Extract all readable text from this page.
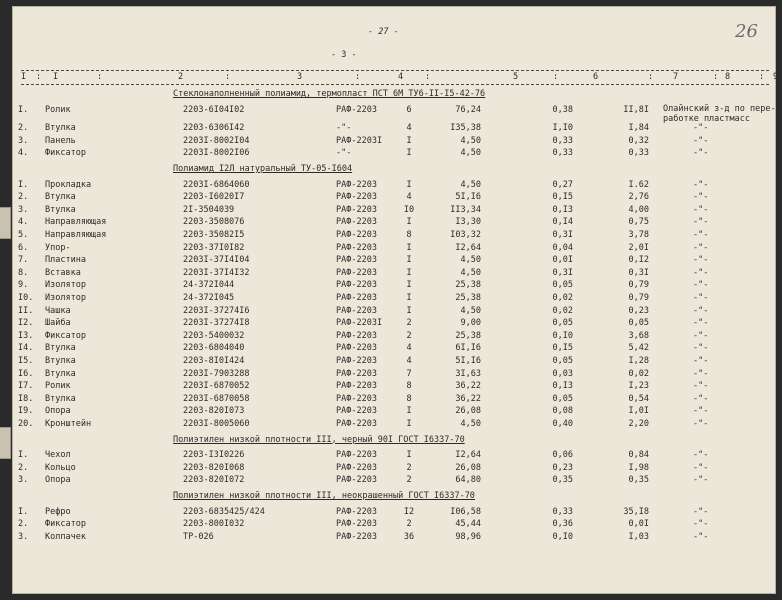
- 27 -	26
- 3 -
I : I	:	2	:	3	:	4	:	5	:	6	: 7	: 8	: 9
Стеклонаполненный полиамид, термопласт ПСТ 6М ТУ6-II-I5-42-76
I. Ролик	2203-6I04I02	РАФ-2203	6	76,24	0,38	II,8I Олайнский з-д по пере-
работке пластмасс
2. Втулка	2203-6306I42	-"-	4	I35,38	I,I0	I,84	-"-
3. Панель	2203I-8002I04	РАФ-2203I	I	4,50	0,33	0,32	-"-
4. Фиксатор	2203I-8002I06	-"-	I	4,50	0,33	0,33	-"-
Полиамид I2Л натуральный ТУ-05-I604
I. Прокладка	2203I-6864060	РАФ-2203	I	4,50	0,27	I.62	-"-
2. Втулка	2203-I6020I7	РАФ-2203	4	5I,I6	0,I5	2,76	-"-
3. Втулка	2I-3504039	РАФ-2203	I0	II3,34	0,I3	4,00	-"-
4. Направляющая	2203-3508076	РАФ-2203	I	I3,30	0,I4	0,75	-"-
5. Направляющая	2203-35082I5	РАФ-2203	8	I03,32	0,3I	3,78	-"-
6. Упор-	2203-37I0I82	РАФ-2203	I	I2,64	0,04	2,0I	-"-
7. Пластина	2203I-37I4I04	РАФ-2203	I	4,50	0,0I	0,I2	-"-
8. Вставка	2203I-37I4I32	РАФ-2203	I	4,50	0,3I	0,3I	-"-
9. Изолятор	24-372I044	РАФ-2203	I	25,38	0,05	0,79	-"-
I0. Изолятор	24-372I045	РАФ-2203	I	25,38	0,02	0,79	-"-
II. Чашка	2203I-37274I6	РАФ-2203	I	4,50	0,02	0,23	-"-
I2. Шайба	2203I-37274I8	РАФ-2203I	2	9,00	0,05	0,05	-"-
I3. Фиксатор	2203-5400032	РАФ-2203	2	25,38	0,I0	3,68	-"-
I4. Втулка	2203-6804040	РАФ-2203	4	6I,I6	0,I5	5,42	-"-
I5. Втулка	2203-8I0I424	РАФ-2203	4	5I,I6	0,05	I,28	-"-
I6. Втулка	2203I-7903288	РАФ-2203	7	3I,63	0,03	0,02	-"-
I7. Ролик	2203I-6870052	РАФ-2203	8	36,22	0,I3	I,23	-"-
I8. Втулка	2203I-6870058	РАФ-2203	8	36,22	0,05	0,54	-"-
I9. Опора	2203-820I073	РАФ-2203	I	26,08	0,08	I,0I	-"-
20. Кронштейн	2203I-8005060	РАФ-2203	I	4,50	0,40	2,20	-"-
Полиэтилен низкой плотности III, черный 90I ГОСТ I6337-70
I. Чехол	2203-I3I0226	РАФ-2203	I	I2,64	0,06	0,84	-"-
2. Кольцо	2203-820I068	РАФ-2203	2	26,08	0,23	I,98	-"-
3. Опора	2203-820I072	РАФ-2203	2	64,80	0,35	0,35	-"-
Полиэтилен низкой плотности III, неокрашенный ГОСТ I6337-70
I. Рефро	2203-6835425/424	РАФ-2203	I2	I06,58	0,33	35,I8	-"-
2. Фиксатор	2203-800I032	РАФ-2203	2	45,44	0,36	0,0I	-"-
3. Колпачек	ТР-026	РАФ-2203	36	98,96	0,I0	I,03	-"-
